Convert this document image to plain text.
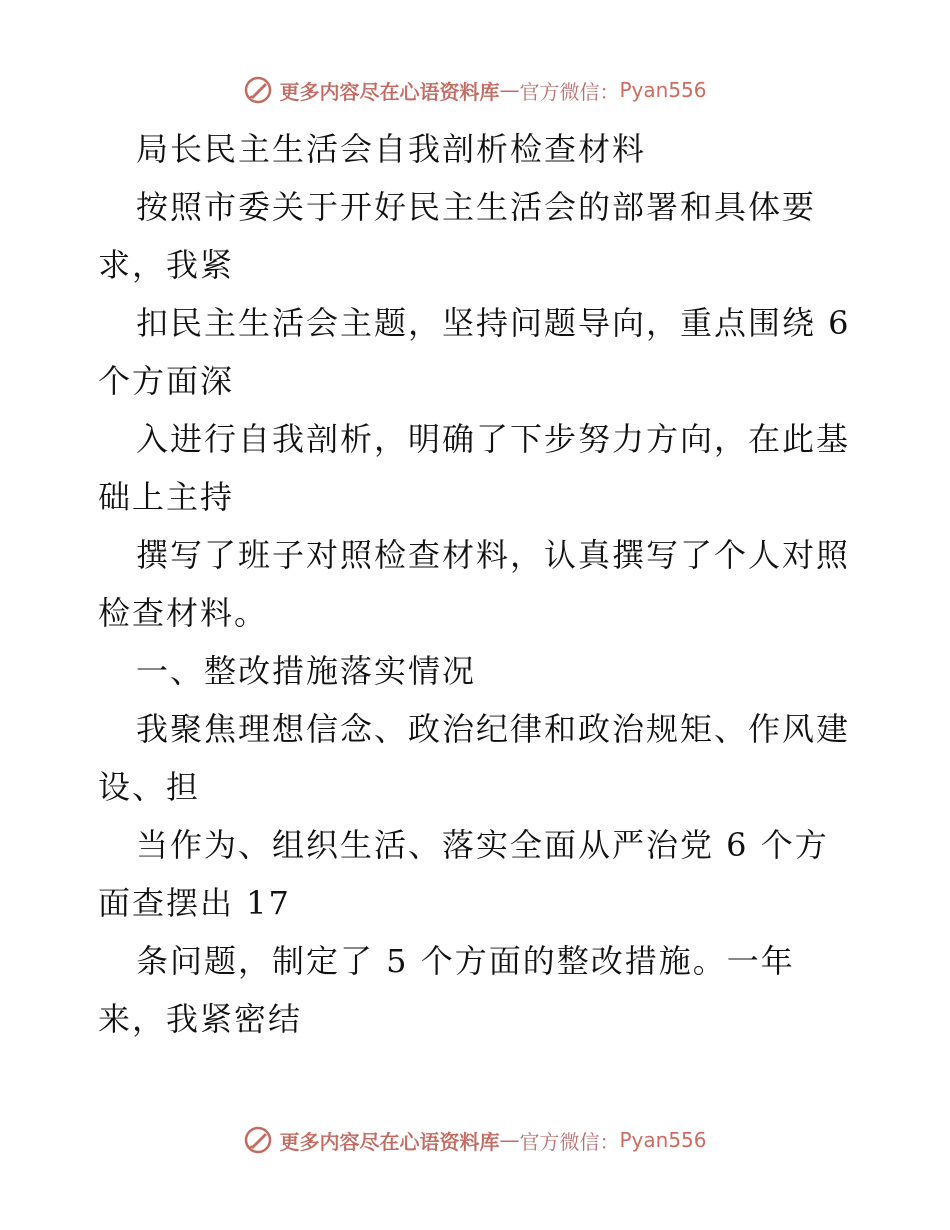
更多内容尽在心语资料库 — 官方微信： Pyan556
局长民主生活会自我剖析检查材料
按照市委关于开好民主生活会的部署和具体要
求，我紧
扣民主生活会主题，坚持问题导向，重点围绕 6
个方面深
入进行自我剖析，明确了下步努力方向，在此基
础上主持
撰写了班子对照检查材料，认真撰写了个人对照
检查材料。
一、整改措施落实情况
我聚焦理想信念、政治纪律和政治规矩、作风建
设、担
当作为、组织生活、落实全面从严治党 6 个方
面查摆出 17
条问题，制定了 5 个方面的整改措施。一年
来，我紧密结
更多内容尽在心语资料库 — 官方微信： Pyan556
